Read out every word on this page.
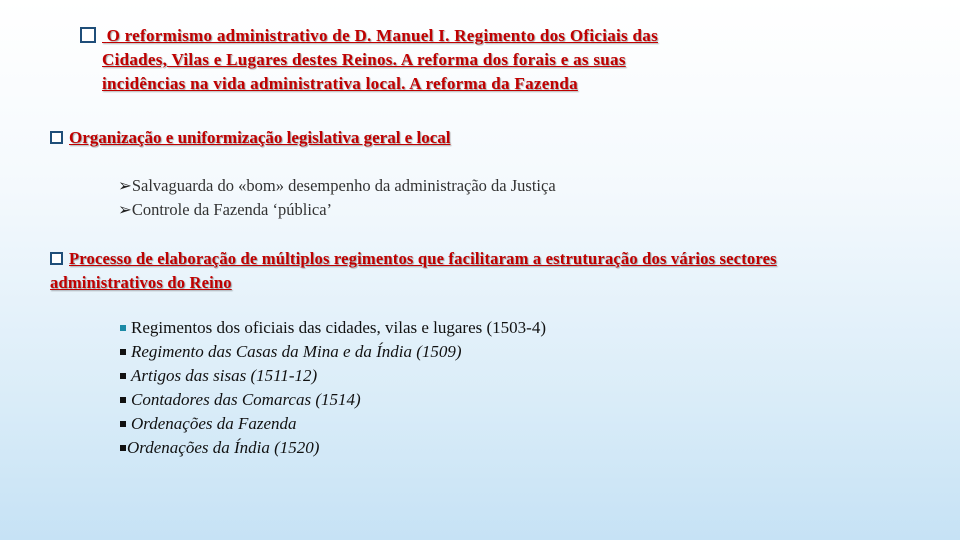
O reformismo administrativo de D. Manuel I. Regimento dos Oficiais das
Cidades, Vilas e Lugares destes Reinos. A reforma dos forais e as suas
incidências na vida administrativa local. A reforma da Fazenda
Organização e uniformização legislativa geral e local
➢Salvaguarda do «bom» desempenho da administração da Justiça
➢Controle da Fazenda ‘pública’
Processo de elaboração de múltiplos regimentos que facilitaram a estruturação dos vários sectores
administrativos do Reino
Regimentos dos oficiais das cidades, vilas e lugares (1503-4)
Regimento das Casas da Mina e da Índia (1509)
Artigos das sisas (1511-12)
Contadores das Comarcas (1514)
Ordenações da Fazenda
Ordenações da Índia (1520)
